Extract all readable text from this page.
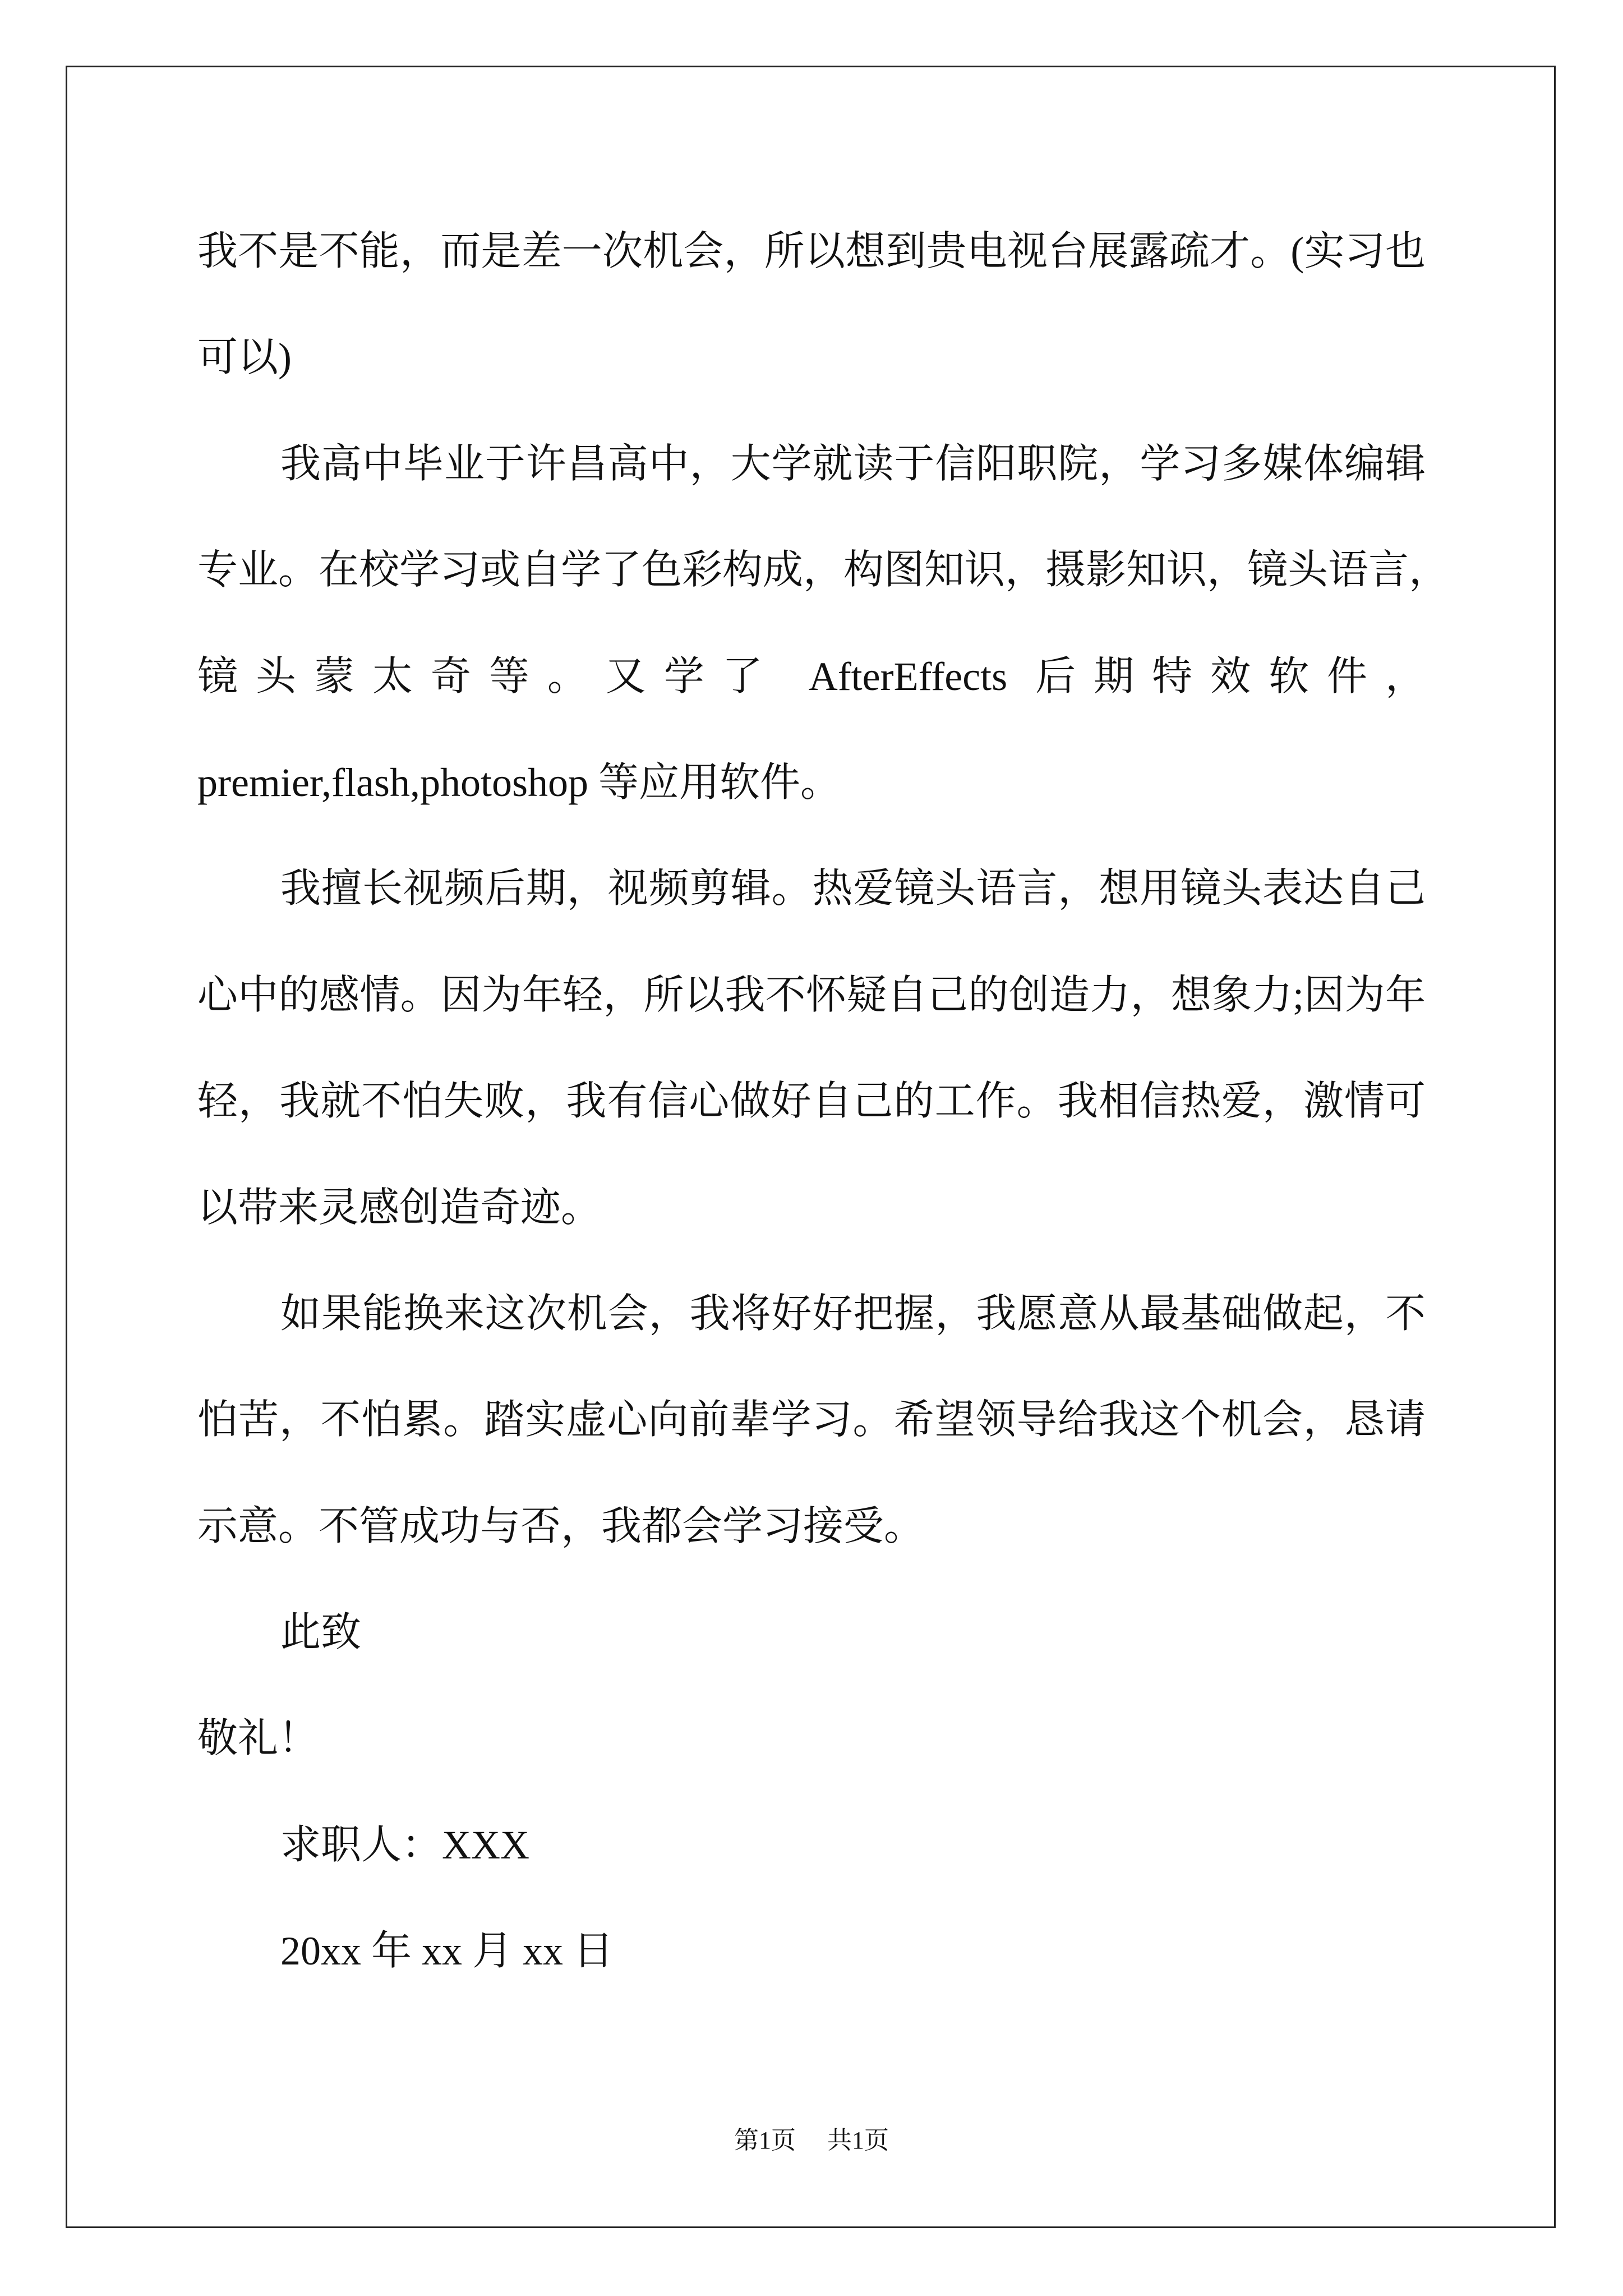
我不是不能，而是差一次机会，所以想到贵电视台展露疏才。(实习也
可以)
我高中毕业于许昌高中，大学就读于信阳职院，学习多媒体编辑
专业。在校学习或自学了色彩构成，构图知识，摄影知识，镜头语言，
镜头蒙太奇等。又学了 AfterEffects 后期特效软件，
premier,flash,photoshop 等应用软件。
我擅长视频后期，视频剪辑。热爱镜头语言，想用镜头表达自己
心中的感情。因为年轻，所以我不怀疑自己的创造力，想象力;因为年
轻，我就不怕失败，我有信心做好自己的工作。我相信热爱，激情可
以带来灵感创造奇迹。
如果能换来这次机会，我将好好把握，我愿意从最基础做起，不
怕苦，不怕累。踏实虚心向前辈学习。希望领导给我这个机会，恳请
示意。不管成功与否，我都会学习接受。
此致
敬礼！
求职人：XXX
20xx 年 xx 月 xx 日
第1页 共1页
